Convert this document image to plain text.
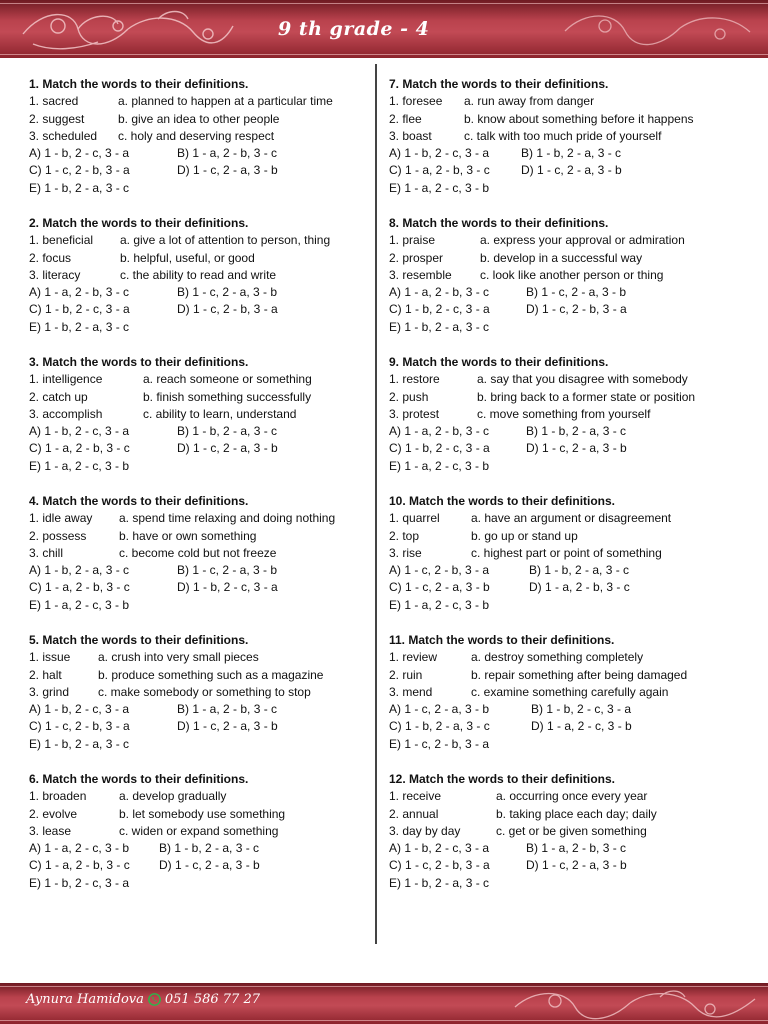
9 th grade - 4
1. Match the words to their definitions.
1. sacred	a. planned to happen at a particular time
2. suggest	b. give an idea to other people
3. scheduled	c. holy and deserving respect
A) 1 - b, 2 - c, 3 - a	B) 1 - a, 2 - b, 3 - c
C) 1 - c, 2 - b, 3 - a	D) 1 - c, 2 - a, 3 - b
E) 1 - b, 2 - a, 3 - c
2. Match the words to their definitions.
1. beneficial	a. give a lot of attention to person, thing
2. focus	b. helpful, useful, or good
3. literacy	c. the ability to read and write
A) 1 - a, 2 - b, 3 - c	B) 1 - c, 2 - a, 3 - b
C) 1 - b, 2 - c, 3 - a	D) 1 - c, 2 - b, 3 - a
E) 1 - b, 2 - a, 3 - c
3. Match the words to their definitions.
1. intelligence	a. reach someone or something
2. catch up	b. finish something successfully
3. accomplish	c. ability to learn, understand
A) 1 - b, 2 - c, 3 - a	B) 1 - b, 2 - a, 3 - c
C) 1 - a, 2 - b, 3 - c	D) 1 - c, 2 - a, 3 - b
E) 1 - a, 2 - c, 3 - b
4. Match the words to their definitions.
1. idle away	a. spend time relaxing and doing nothing
2. possess	b. have or own something
3. chill	c. become cold but not freeze
A) 1 - b, 2 - a, 3 - c	B) 1 - c, 2 - a, 3 - b
C) 1 - a, 2 - b, 3 - c	D) 1 - b, 2 - c, 3 - a
E) 1 - a, 2 - c, 3 - b
5. Match the words to their definitions.
1. issue	a. crush into very small pieces
2. halt	b. produce something such as a magazine
3. grind	c. make somebody or something to stop
A) 1 - b, 2 - c, 3 - a	B) 1 - a, 2 - b, 3 - c
C) 1 - c, 2 - b, 3 - a	D) 1 - c, 2 - a, 3 - b
E) 1 - b, 2 - a, 3 - c
6. Match the words to their definitions.
1. broaden	a. develop gradually
2. evolve	b. let somebody use something
3. lease	c. widen or expand something
A) 1 - a, 2 - c, 3 - b	B) 1 - b, 2 - a, 3 - c
C) 1 - a, 2 - b, 3 - c	D) 1 - c, 2 - a, 3 - b
E) 1 - b, 2 - c, 3 - a
7. Match the words to their definitions.
1. foresee	a. run away from danger
2. flee	b. know about something before it happens
3. boast	c. talk with too much pride of yourself
A) 1 - b, 2 - c, 3 - a	B) 1 - b, 2 - a, 3 - c
C) 1 - a, 2 - b, 3 - c	D) 1 - c, 2 - a, 3 - b
E) 1 - a, 2 - c, 3 - b
8. Match the words to their definitions.
1. praise	a. express your approval or admiration
2. prosper	b. develop in a successful way
3. resemble	c. look like another person or thing
A) 1 - a, 2 - b, 3 - c	B) 1 - c, 2 - a, 3 - b
C) 1 - b, 2 - c, 3 - a	D) 1 - c, 2 - b, 3 - a
E) 1 - b, 2 - a, 3 - c
9. Match the words to their definitions.
1. restore	a. say that you disagree with somebody
2. push	b. bring back to a former state or position
3. protest	c. move something from yourself
A) 1 - a, 2 - b, 3 - c	B) 1 - b, 2 - a, 3 - c
C) 1 - b, 2 - c, 3 - a	D) 1 - c, 2 - a, 3 - b
E) 1 - a, 2 - c, 3 - b
10. Match the words to their definitions.
1. quarrel	a. have an argument or disagreement
2. top	b. go up or stand up
3. rise	c. highest part or point of something
A) 1 - c, 2 - b, 3 - a	B) 1 - b, 2 - a, 3 - c
C) 1 - c, 2 - a, 3 - b	D) 1 - a, 2 - b, 3 - c
E) 1 - a, 2 - c, 3 - b
11. Match the words to their definitions.
1. review	a. destroy something completely
2. ruin	b. repair something after being damaged
3. mend	c. examine something carefully again
A) 1 - c, 2 - a, 3 - b	B) 1 - b, 2 - c, 3 - a
C) 1 - b, 2 - a, 3 - c	D) 1 - a, 2 - c, 3 - b
E) 1 - c, 2 - b, 3 - a
12. Match the words to their definitions.
1. receive	a. occurring once every year
2. annual	b. taking place each day; daily
3. day by day	c. get or be given something
A) 1 - b, 2 - c, 3 - a	B) 1 - a, 2 - b, 3 - c
C) 1 - c, 2 - b, 3 - a	D) 1 - c, 2 - a, 3 - b
E) 1 - b, 2 - a, 3 - c
Aynura Hamidova 051 586 77 27
